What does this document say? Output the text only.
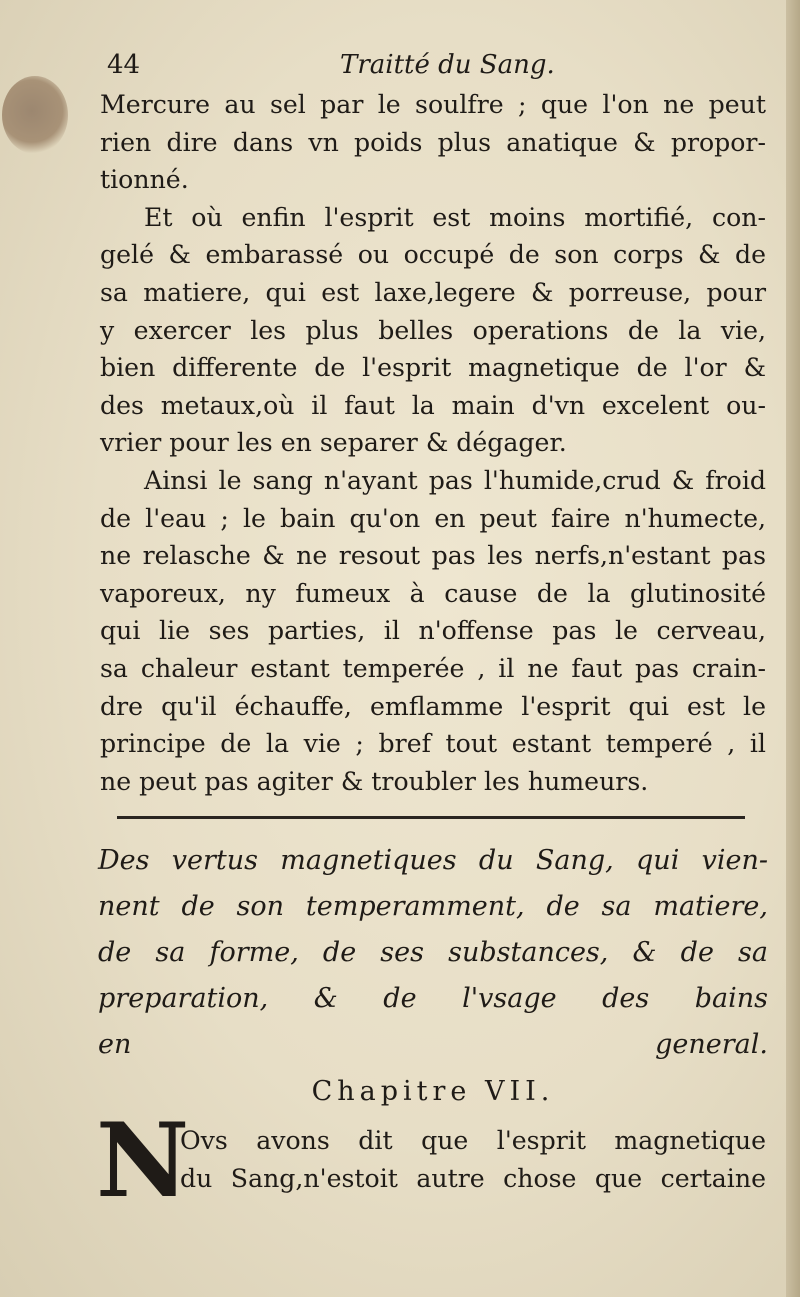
44	Traitté du Sang.
Mercure au sel par le soulfre ; que l'on ne peut
rien dire dans vn poids plus anatique & propor-
tionné.
Et où enfin l'esprit est moins mortifié, con-
gelé & embarassé ou occupé de son corps & de
sa matiere, qui est laxe,legere & porreuse, pour
y exercer les plus belles operations de la vie,
bien differente de l'esprit magnetique de l'or &
des metaux,où il faut la main d'vn excelent ou-
vrier pour les en separer & dégager.
Ainsi le sang n'ayant pas l'humide,crud & froid
de l'eau ; le bain qu'on en peut faire n'humecte,
ne relasche & ne resout pas les nerfs,n'estant pas
vaporeux, ny fumeux à cause de la glutinosité
qui lie ses parties, il n'offense pas le cerveau,
sa chaleur estant temperée , il ne faut pas crain-
dre qu'il échauffe, emflamme l'esprit qui est le
principe de la vie ; bref tout estant temperé , il
ne peut pas agiter & troubler les humeurs.
Des vertus magnetiques du Sang, qui vien-
nent de son temperamment, de sa matiere,
de sa forme, de ses substances, & de sa
preparation, & de l'vsage des bains
en general.
Chapitre VII.
N
Ovs avons dit que l'esprit magnetique
du Sang,n'estoit autre chose que certaine
